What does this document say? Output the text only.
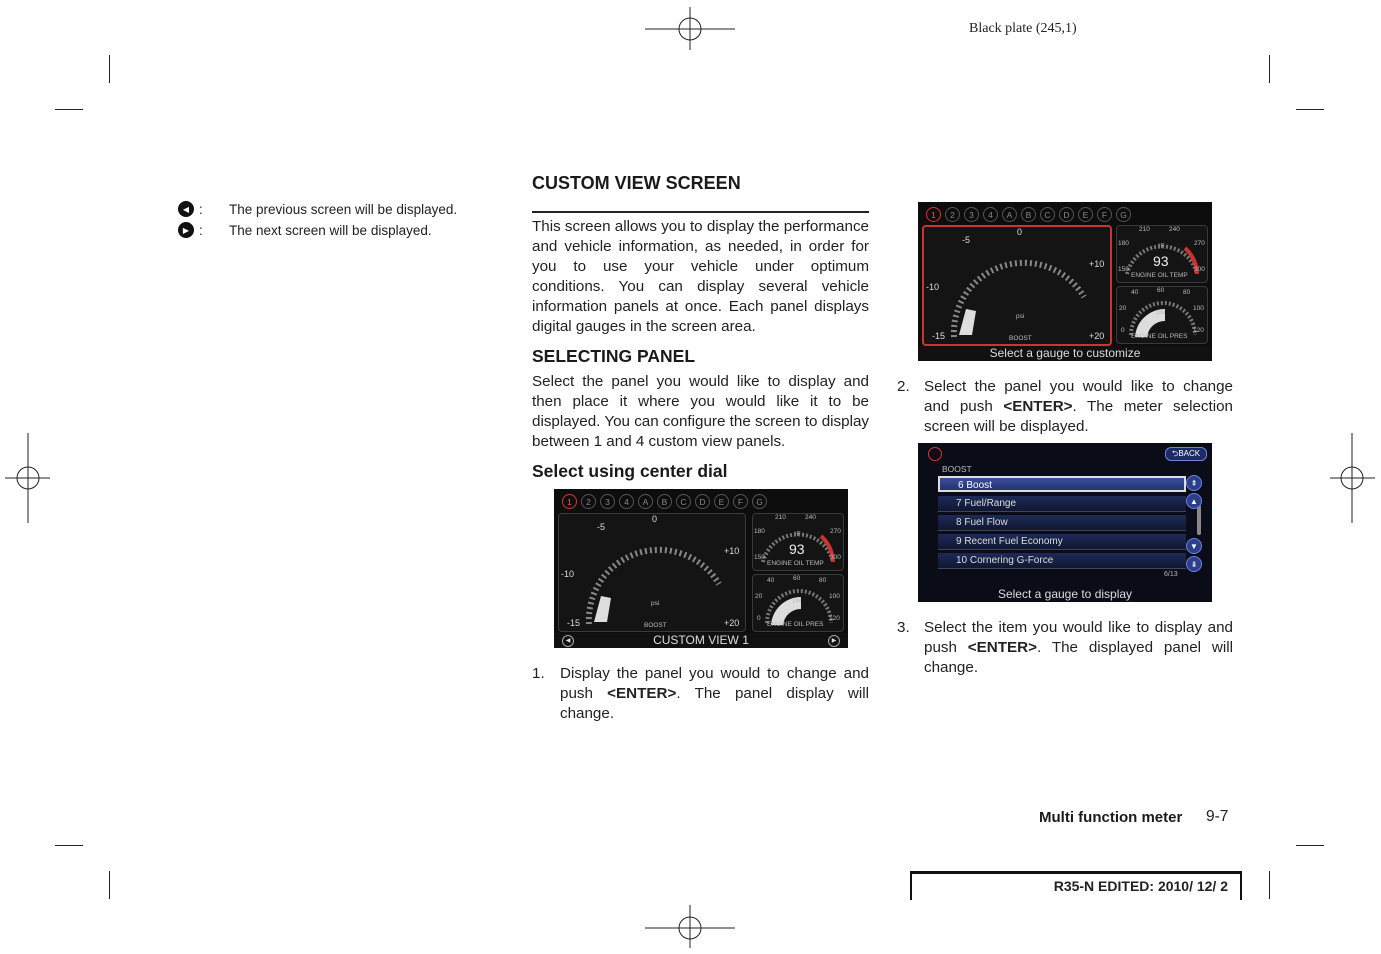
Black plate (245,1)
◀ :	The previous screen will be displayed.
▶ :	The next screen will be displayed.
CUSTOM VIEW SCREEN
This screen allows you to display the performance and vehicle information, as needed, in order for you to use your vehicle under optimum conditions. You can display several vehicle information panels at once. Each panel displays digital gauges in the screen area.
SELECTING PANEL
Select the panel you would like to display and then place it where you would like it to be displayed. You can configure the screen to display between 1 and 4 custom view panels.
Select using center dial
1	2	3	4	A	B	C	D	E	F	G
0
-5
+10
-10
-15	+20
psi
BOOST
210	240
180	270
150	300
°F
93
ENGINE OIL TEMP
40	60	80
20	100
0	120
psi
ENGINE OIL PRES
◀	CUSTOM VIEW 1	▶
1. Display the panel you would to change and push <ENTER>. The panel display will change.
1	2	3	4	A	B	C	D	E	F	G
0
-5
+10
-10
-15	+20
psi
BOOST
210	240
180	270
150	300
°F
93
ENGINE OIL TEMP
40	60	80
20	100
0	120
psi
ENGINE OIL PRES
Select a gauge to customize
2. Select the panel you would like to change and push <ENTER>. The meter selection screen will be displayed.
⮌BACK
BOOST
6 Boost
7 Fuel/Range
8 Fuel Flow
9 Recent Fuel Economy
10 Cornering G-Force
⇞
▲
▼
⇟
6/13
Select a gauge to display
3. Select the item you would like to display and push <ENTER>. The displayed panel will change.
Multi function meter 9-7
R35-N EDITED: 2010/ 12/ 2
